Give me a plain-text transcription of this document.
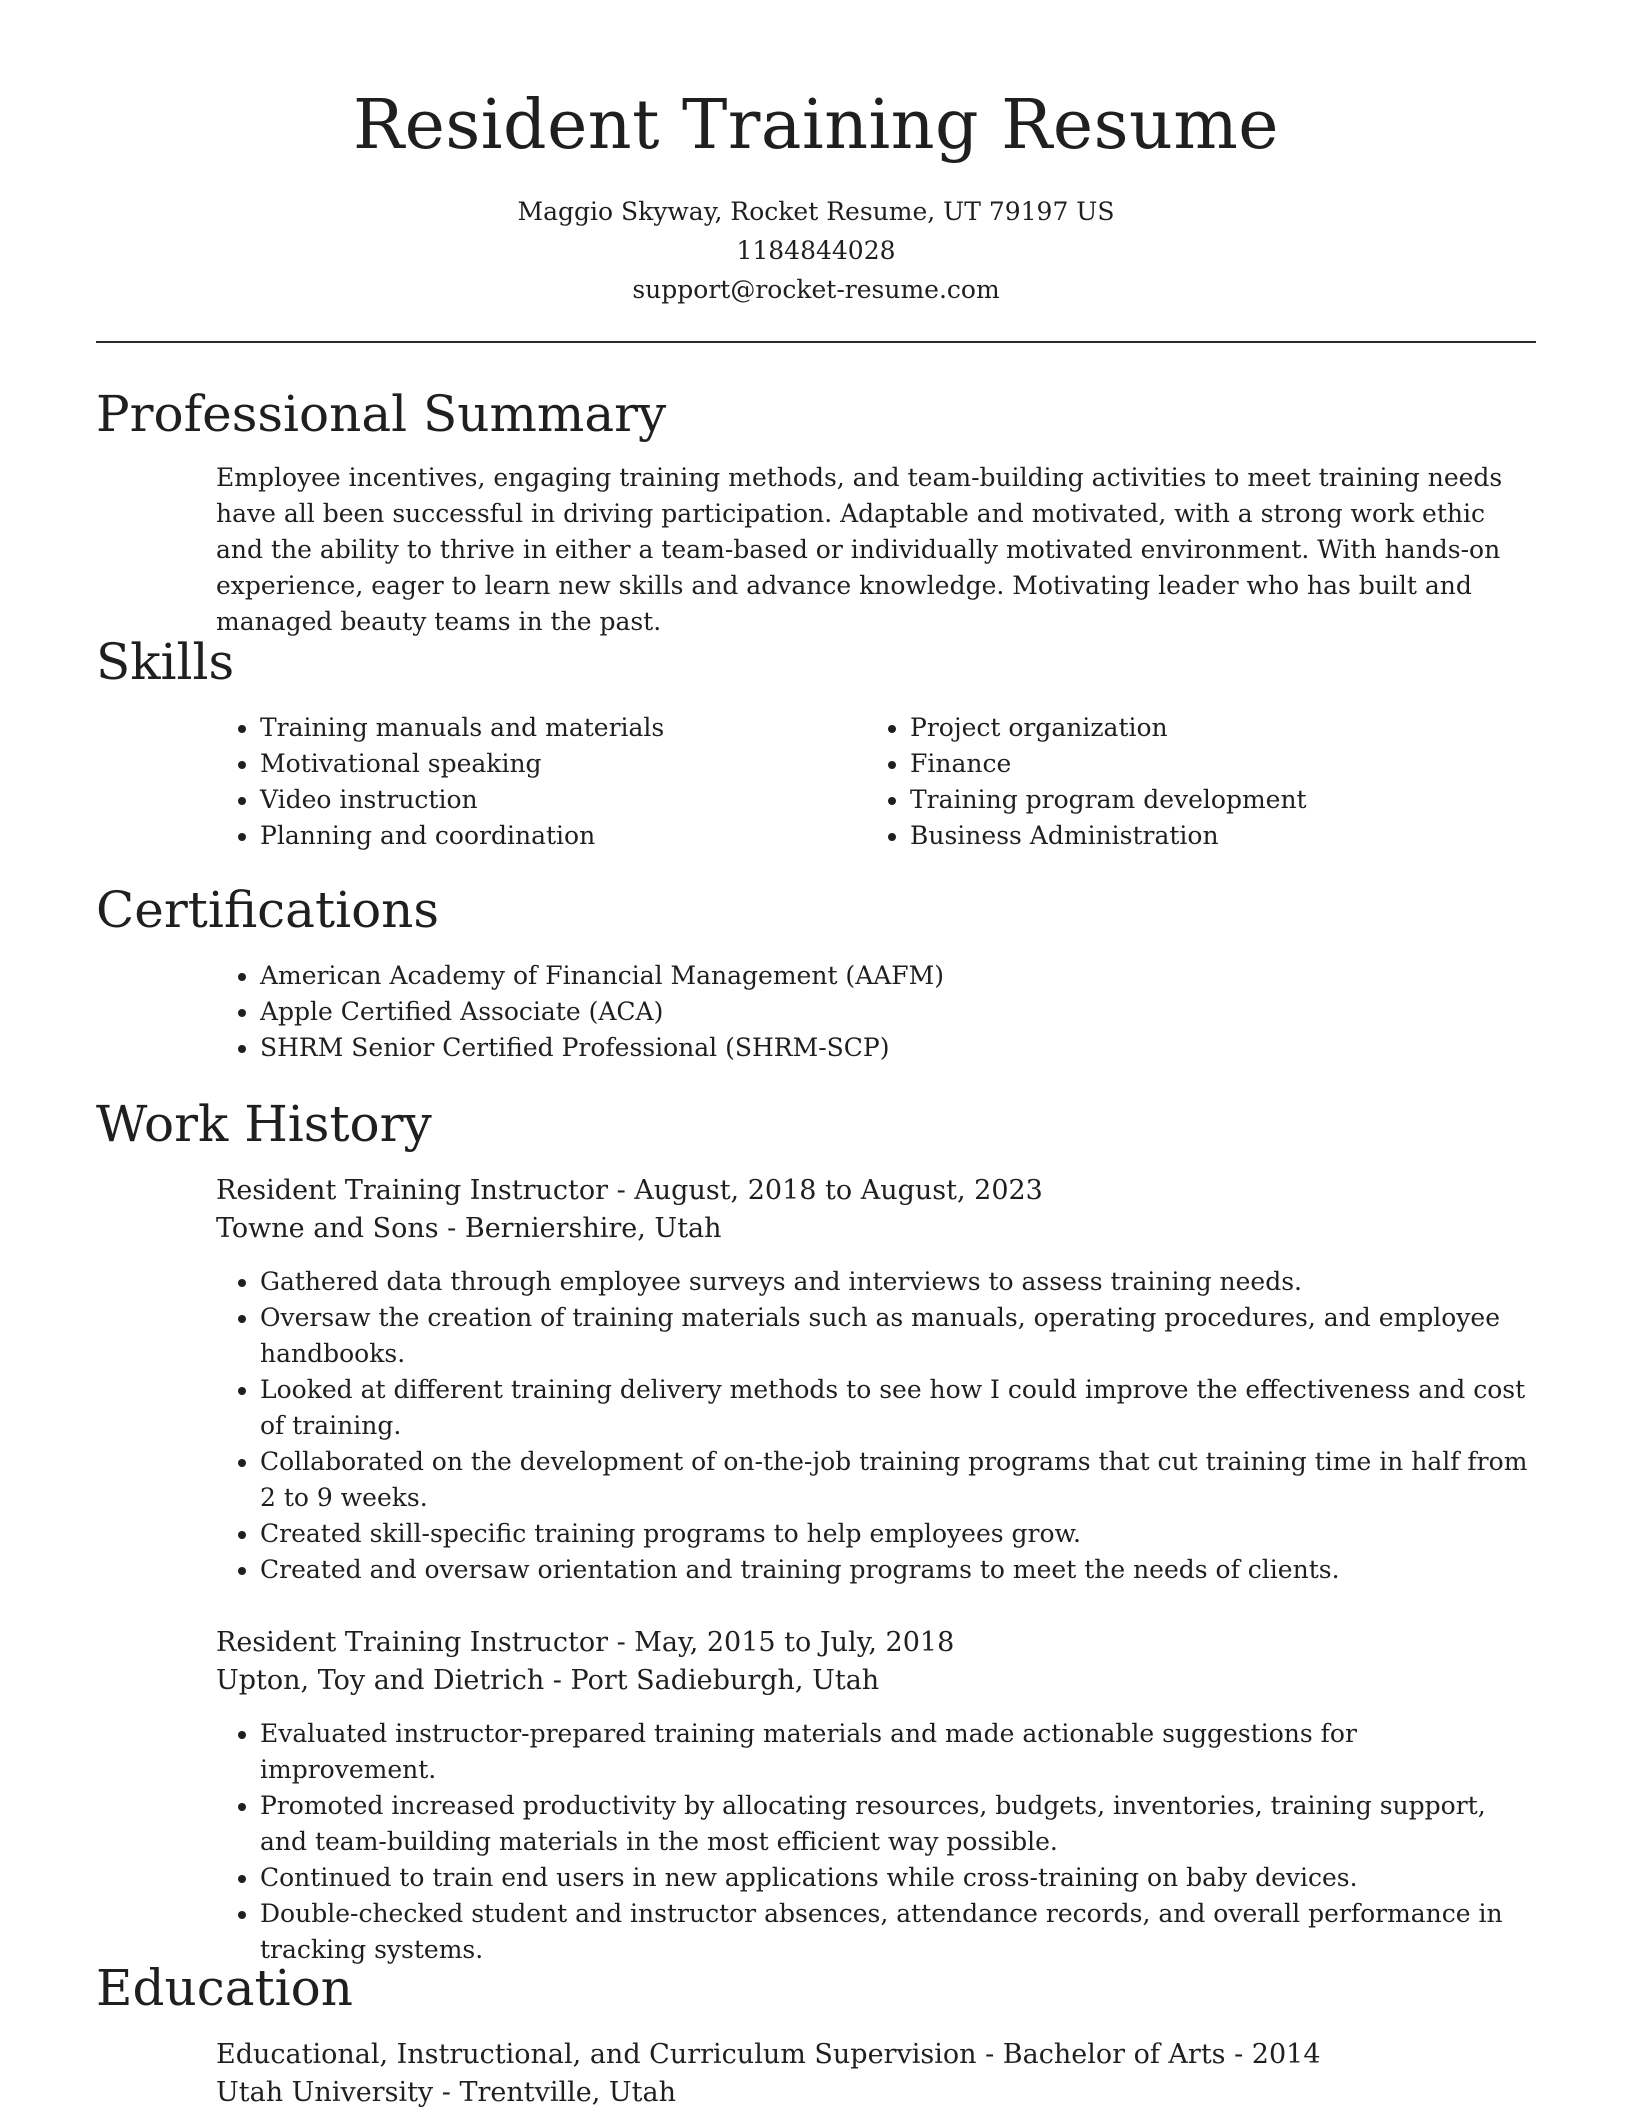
Resident Training Resume
Maggio Skyway, Rocket Resume, UT 79197 US
1184844028
support@rocket-resume.com
Professional Summary

Employee incentives, engaging training methods, and team-building activities to meet training needs have all been successful in driving participation. Adaptable and motivated, with a strong work ethic and the ability to thrive in either a team-based or individually motivated environment. With hands-on experience, eager to learn new skills and advance knowledge. Motivating leader who has built and managed beauty teams in the past.

Skills
• Training manuals and materials
• Motivational speaking
• Video instruction
• Planning and coordination
• Project organization
• Finance
• Training program development
• Business Administration
Certifications
• American Academy of Financial Management (AAFM)
• Apple Certified Associate (ACA)
• SHRM Senior Certified Professional (SHRM-SCP)
Work History
Resident Training Instructor - August, 2018 to August, 2023
Towne and Sons - Berniershire, Utah
• Gathered data through employee surveys and interviews to assess training needs.
• Oversaw the creation of training materials such as manuals, operating procedures, and employee handbooks.
• Looked at different training delivery methods to see how I could improve the effectiveness and cost of training.
• Collaborated on the development of on-the-job training programs that cut training time in half from 2 to 9 weeks.
• Created skill-specific training programs to help employees grow.
• Created and oversaw orientation and training programs to meet the needs of clients.
Resident Training Instructor - May, 2015 to July, 2018
Upton, Toy and Dietrich - Port Sadieburgh, Utah
• Evaluated instructor-prepared training materials and made actionable suggestions for improvement.
• Promoted increased productivity by allocating resources, budgets, inventories, training support, and team-building materials in the most efficient way possible.
• Continued to train end users in new applications while cross-training on baby devices.
• Double-checked student and instructor absences, attendance records, and overall performance in tracking systems.
Education
Educational, Instructional, and Curriculum Supervision - Bachelor of Arts - 2014
Utah University - Trentville, Utah
